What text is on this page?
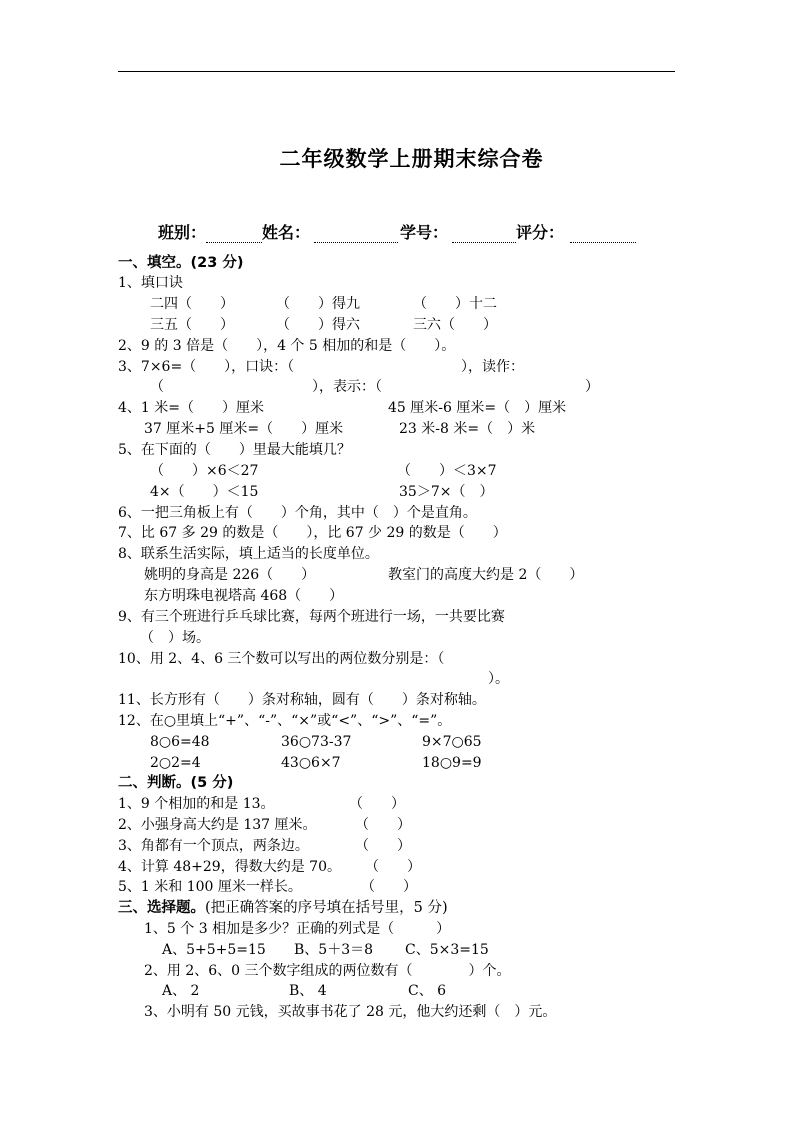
二年级数学上册期末综合卷
班别：	姓名：	学号：	评分：
一、填空。(23 分)
1、填口诀
二四（　　）	（　　）得九	（　　）十二
三五（　　）	（　　）得六	三六（　　）
2、9 的 3 倍是（　　），4 个 5 相加的和是（　　）。
3、7×6=（　　），口诀：（	），读作：
（	），表示：（	）
4、1 米=（　　）厘米	45 厘米-6 厘米=（　）厘米
37 厘米+5 厘米=（　　）厘米	23 米-8 米=（　）米
5、在下面的（　　）里最大能填几？
（　　）×6＜27	（　　）＜3×7
4×（　　）＜15	35＞7×（　）
6、一把三角板上有（　　）个角，其中（　）个是直角。
7、比 67 多 29 的数是（　　），比 67 少 29 的数是（　　）
8、联系生活实际，填上适当的长度单位。
姚明的身高是 226（　　）	教室门的高度大约是 2（　　）
东方明珠电视塔高 468（　　）
9、有三个班进行乒乓球比赛，每两个班进行一场，一共要比赛
（　）场。
10、用 2、4、6 三个数可以写出的两位数分别是：（
）。
11、长方形有（　　）条对称轴，圆有（　　）条对称轴。
12、在○里填上“+”、“-”、“×”或“<”、“>”、“=”。
8○6=48	36○73-37	9×7○65
2○2=4	43○6×7	18○9=9
二、判断。(5 分)
1、9 个相加的和是 13。	（　　）
2、小强身高大约是 137 厘米。	（　　）
3、角都有一个顶点，两条边。	（　　）
4、计算 48+29，得数大约是 70。 （　　）
5、1 米和 100 厘米一样长。	（　　）
三、选择题。(把正确答案的序号填在括号里，5 分)
1、5 个 3 相加是多少？正确的列式是（　　　）
A、5+5+5=15 B、5＋3＝8 C、5×3=15
2、用 2、6、0 三个数字组成的两位数有（　　　　）个。
A、 2	B、 4	C、 6
3、小明有 50 元钱，买故事书花了 28 元，他大约还剩（　）元。
